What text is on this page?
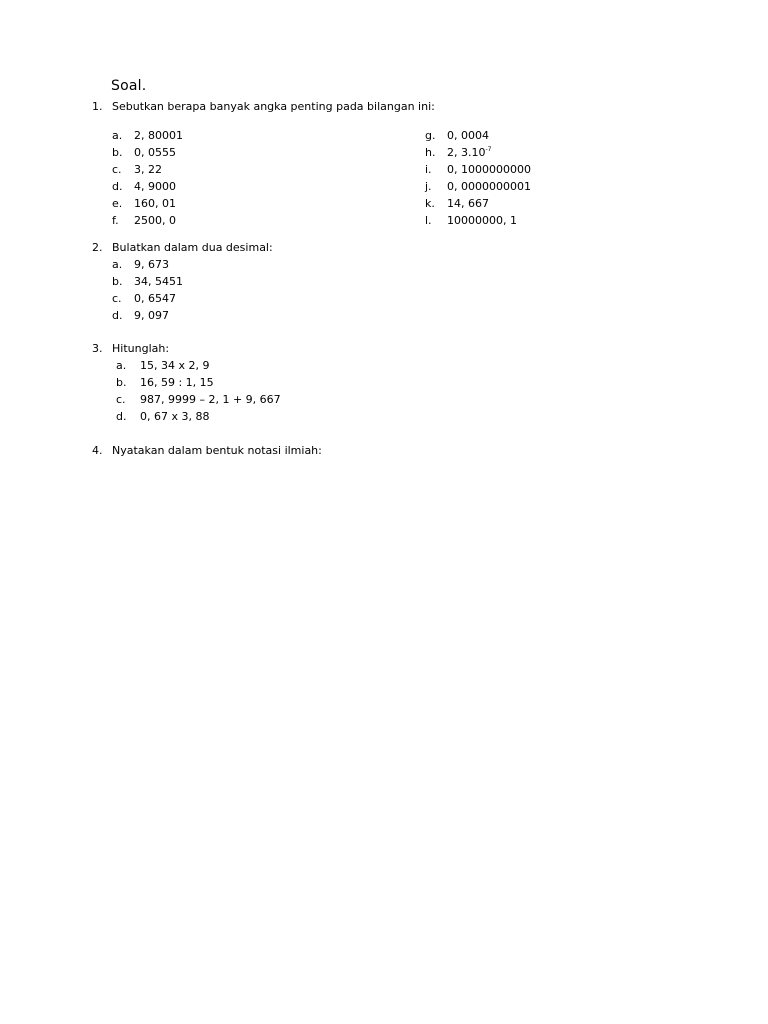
Soal.
1. Sebutkan berapa banyak angka penting pada bilangan ini:
a. 2, 80001
b. 0, 0555
c. 3, 22
d. 4, 9000
e. 160, 01
f. 2500, 0
g. 0, 0004
h. 2, $3.10^{-7}$
i. 0, 1000000000
j. 0, 0000000001
k. 14, 667
l. 10000000, 1
2. Bulatkan dalam dua desimal:
a. 9, 673
b. 34, 5451
c. 0, 6547
d. 9, 097
3. Hitunglah:
a. 15, 34 x 2, 9
b. 16, 59 : 1, 15
c. 987, 9999 – 2, 1 + 9, 667
d. 0, 67 x 3, 88
4. Nyatakan dalam bentuk notasi ilmiah:
